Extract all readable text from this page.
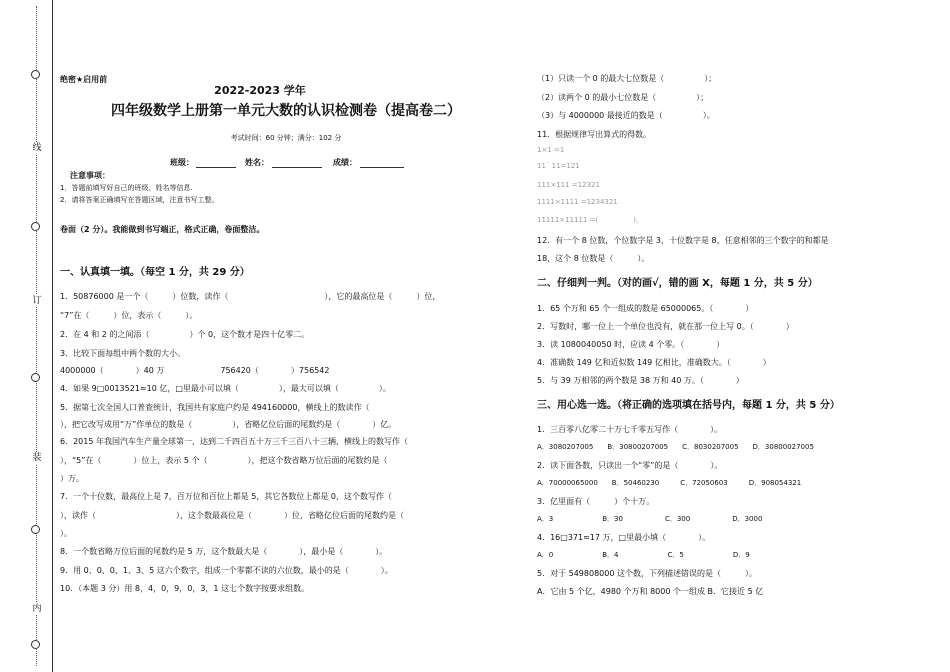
线
订
装
内
绝密★启用前
2022-2023 学年
四年级数学上册第一单元大数的认识检测卷（提高卷二）
考试时间：60 分钟；满分：102 分
班级：	姓名：	成绩：
注意事项：
1．答题前填写好自己的班级、姓名等信息.
2．请将答案正确填写在答题区域，注意书写工整。
卷面（2 分）。我能做到书写端正，格式正确，卷面整洁。
一、认真填一填。（每空 1 分，共 29 分）
1．50876000 是一个（　　　）位数，读作（　　　　　　　　　　　　），它的最高位是（　　　）位，
“7”在（　　　）位，表示（　　　）。
2．在 4 和 2 的之间添（　　　　　）个 0，这个数才是四十亿零二。
3．比较下面每组中两个数的大小。
4000000（　　　　）40 万　　　　　　　756420（　　　　）756542
4．如果 9□0013521≈10 亿，□里最小可以填（　　　　　），最大可以填（　　　　　）。
5．据第七次全国人口普查统计，我国共有家庭户约是 494160000，横线上的数读作（
），把它改写成用“万”作单位的数是（　　　　　），省略亿位后面的尾数约是（　　　　）亿。
6．2015 年我国汽车生产量全球第一，达到二千四百五十万三千三百八十三辆，横线上的数写作（
），“5”在（　　　　）位上，表示 5 个（　　　　　），把这个数省略万位后面的尾数约是（
）万。
7．一个十位数，最高位上是 7，百万位和百位上都是 5，其它各数位上都是 0，这个数写作（
），读作（　　　　　　　　　　），这个数最高位是（　　　　）位，省略亿位后面的尾数约是（
）。
8．一个数省略万位后面的尾数约是 5 万，这个数最大是（　　　　），最小是（　　　　）。
9．用 0、0、0、1、3、5 这六个数字，组成一个零都不读的六位数，最小的是（　　　　）。
10．（本题 3 分）用 8，4，0，9，0，3，1 这七个数字按要求组数。
（1）只读一个 0 的最大七位数是（　　　　　）；
（2）读两个 0 的最小七位数是（　　　　　）；
（3）与 4000000 最接近的数是（　　　　　）。
11．根据规律写出算式的得数。
1×1 =1
11¨ 11=121
111×111 =12321
1111×1111 =1234321
11111×11111 =(　　　　　)。
12．有一个 8 位数，个位数字是 3，十位数字是 8，任意相邻的三个数字的和都是
18，这个 8 位数是（　　　）。
二、仔细判一判。（对的画√，错的画 X，每题 1 分，共 5 分）
1．65 个万和 65 个一组成的数是 65000065。（　　　　）
2．写数时，哪一位上一个单位也没有，就在那一位上写 0。（　　　　）
3．读 1080040050 时，应读 4 个零。（　　　　）
4．准确数 149 亿和近似数 149 亿相比，准确数大。（　　　　）
5．与 39 万相邻的两个数是 38 万和 40 万。（　　　　）
三、用心选一选。（将正确的选项填在括号内，每题 1 分，共 5 分）
1．三百零八亿零二十万七千零五写作（　　　　）。
A．3080207005　　B．30800207005　　C．8030207005　　D．30800027005
2．读下面各数，只读出一个“零”的是（　　　　）。
A．70000065000　　B．50460230　　　C．72050603　　　D．908054321
3．亿里面有（　　　）个十万。
A．3　　　　　　　B．30　　　　　　C．300　　　　　　D．3000
4．16□371≈17 万，□里最小填（　　　　）。
A．0　　　　　　　B．4　　　　　　　C．5　　　　　　　D．9
5．对于 549808000 这个数，下列描述错误的是（　　　）。
A．它由 5 个亿，4980 个万和 8000 个一组成 B．它接近 5 亿
